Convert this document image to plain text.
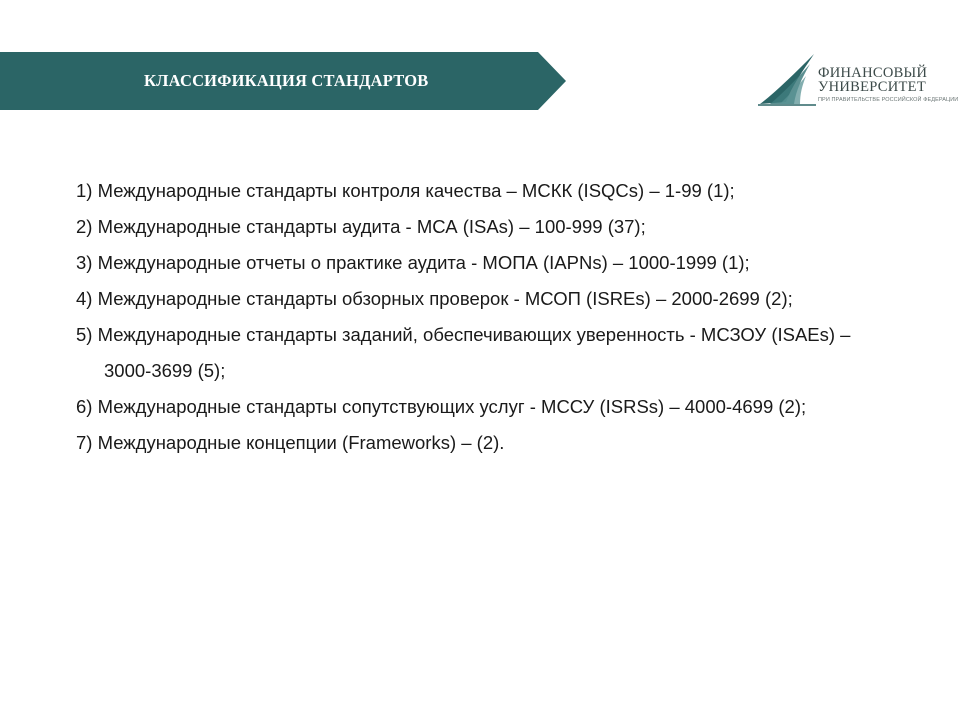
КЛАССИФИКАЦИЯ СТАНДАРТОВ	ФИНАНСОВЫЙ
УНИВЕРСИТЕТ
ПРИ ПРАВИТЕЛЬСТВЕ РОССИЙСКОЙ ФЕДЕРАЦИИ
1) Международные стандарты контроля качества – МСКК (ISQCs) – 1-99 (1);
2) Международные стандарты аудита - МСА (ISAs) – 100-999 (37);
3) Международные отчеты о практике аудита - МОПА (IAPNs) – 1000-1999 (1);
4) Международные стандарты обзорных проверок - МСОП (ISREs) – 2000-2699 (2);
5) Международные стандарты заданий, обеспечивающих уверенность - МСЗОУ (ISAEs) – 3000-3699 (5);
6) Международные стандарты сопутствующих услуг - МССУ (ISRSs) – 4000-4699 (2);
7) Международные концепции (Frameworks) – (2).
